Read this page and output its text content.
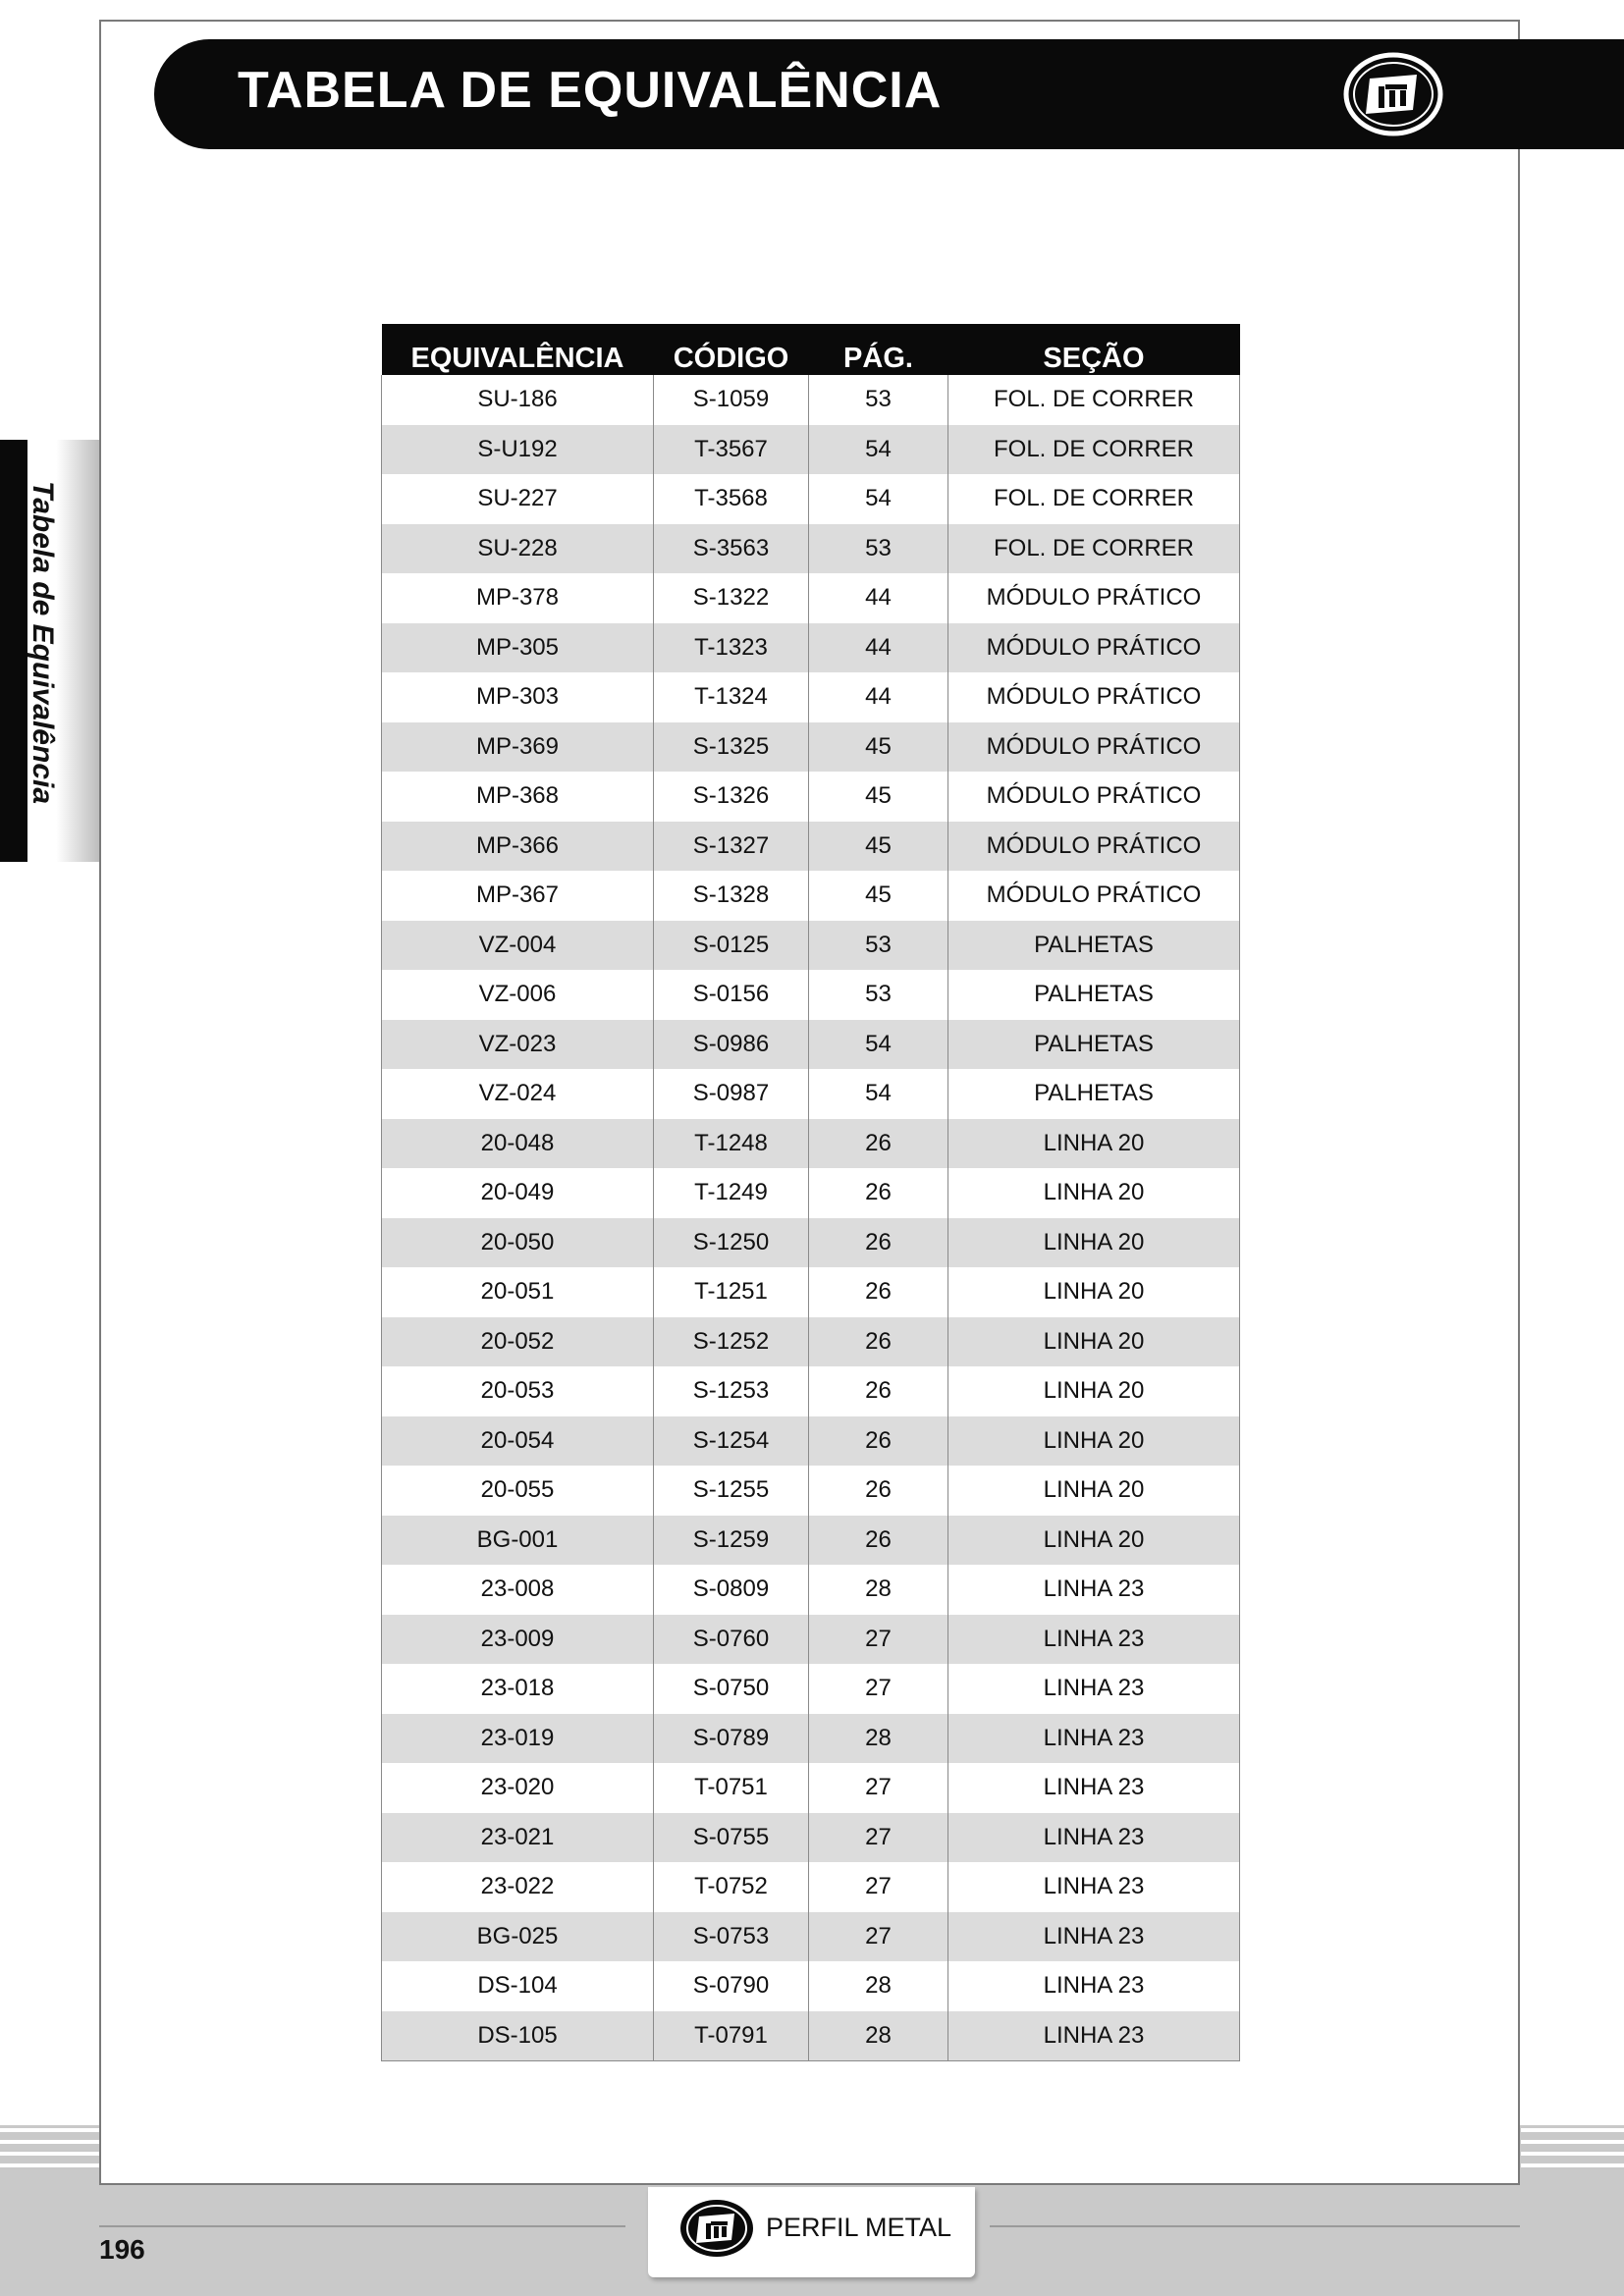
TABELA DE EQUIVALÊNCIA
Tabela de Equivalência
EQUIVALÊNCIA	CÓDIGO	PÁG.	SEÇÃO
SU-186	S-1059	53	FOL. DE CORRER
S-U192	T-3567	54	FOL. DE CORRER
SU-227	T-3568	54	FOL. DE CORRER
SU-228	S-3563	53	FOL. DE CORRER
MP-378	S-1322	44	MÓDULO PRÁTICO
MP-305	T-1323	44	MÓDULO PRÁTICO
MP-303	T-1324	44	MÓDULO PRÁTICO
MP-369	S-1325	45	MÓDULO PRÁTICO
MP-368	S-1326	45	MÓDULO PRÁTICO
MP-366	S-1327	45	MÓDULO PRÁTICO
MP-367	S-1328	45	MÓDULO PRÁTICO
VZ-004	S-0125	53	PALHETAS
VZ-006	S-0156	53	PALHETAS
VZ-023	S-0986	54	PALHETAS
VZ-024	S-0987	54	PALHETAS
20-048	T-1248	26	LINHA 20
20-049	T-1249	26	LINHA 20
20-050	S-1250	26	LINHA 20
20-051	T-1251	26	LINHA 20
20-052	S-1252	26	LINHA 20
20-053	S-1253	26	LINHA 20
20-054	S-1254	26	LINHA 20
20-055	S-1255	26	LINHA 20
BG-001	S-1259	26	LINHA 20
23-008	S-0809	28	LINHA 23
23-009	S-0760	27	LINHA 23
23-018	S-0750	27	LINHA 23
23-019	S-0789	28	LINHA 23
23-020	T-0751	27	LINHA 23
23-021	S-0755	27	LINHA 23
23-022	T-0752	27	LINHA 23
BG-025	S-0753	27	LINHA 23
DS-104	S-0790	28	LINHA 23
DS-105	T-0791	28	LINHA 23
PERFIL METAL
196
